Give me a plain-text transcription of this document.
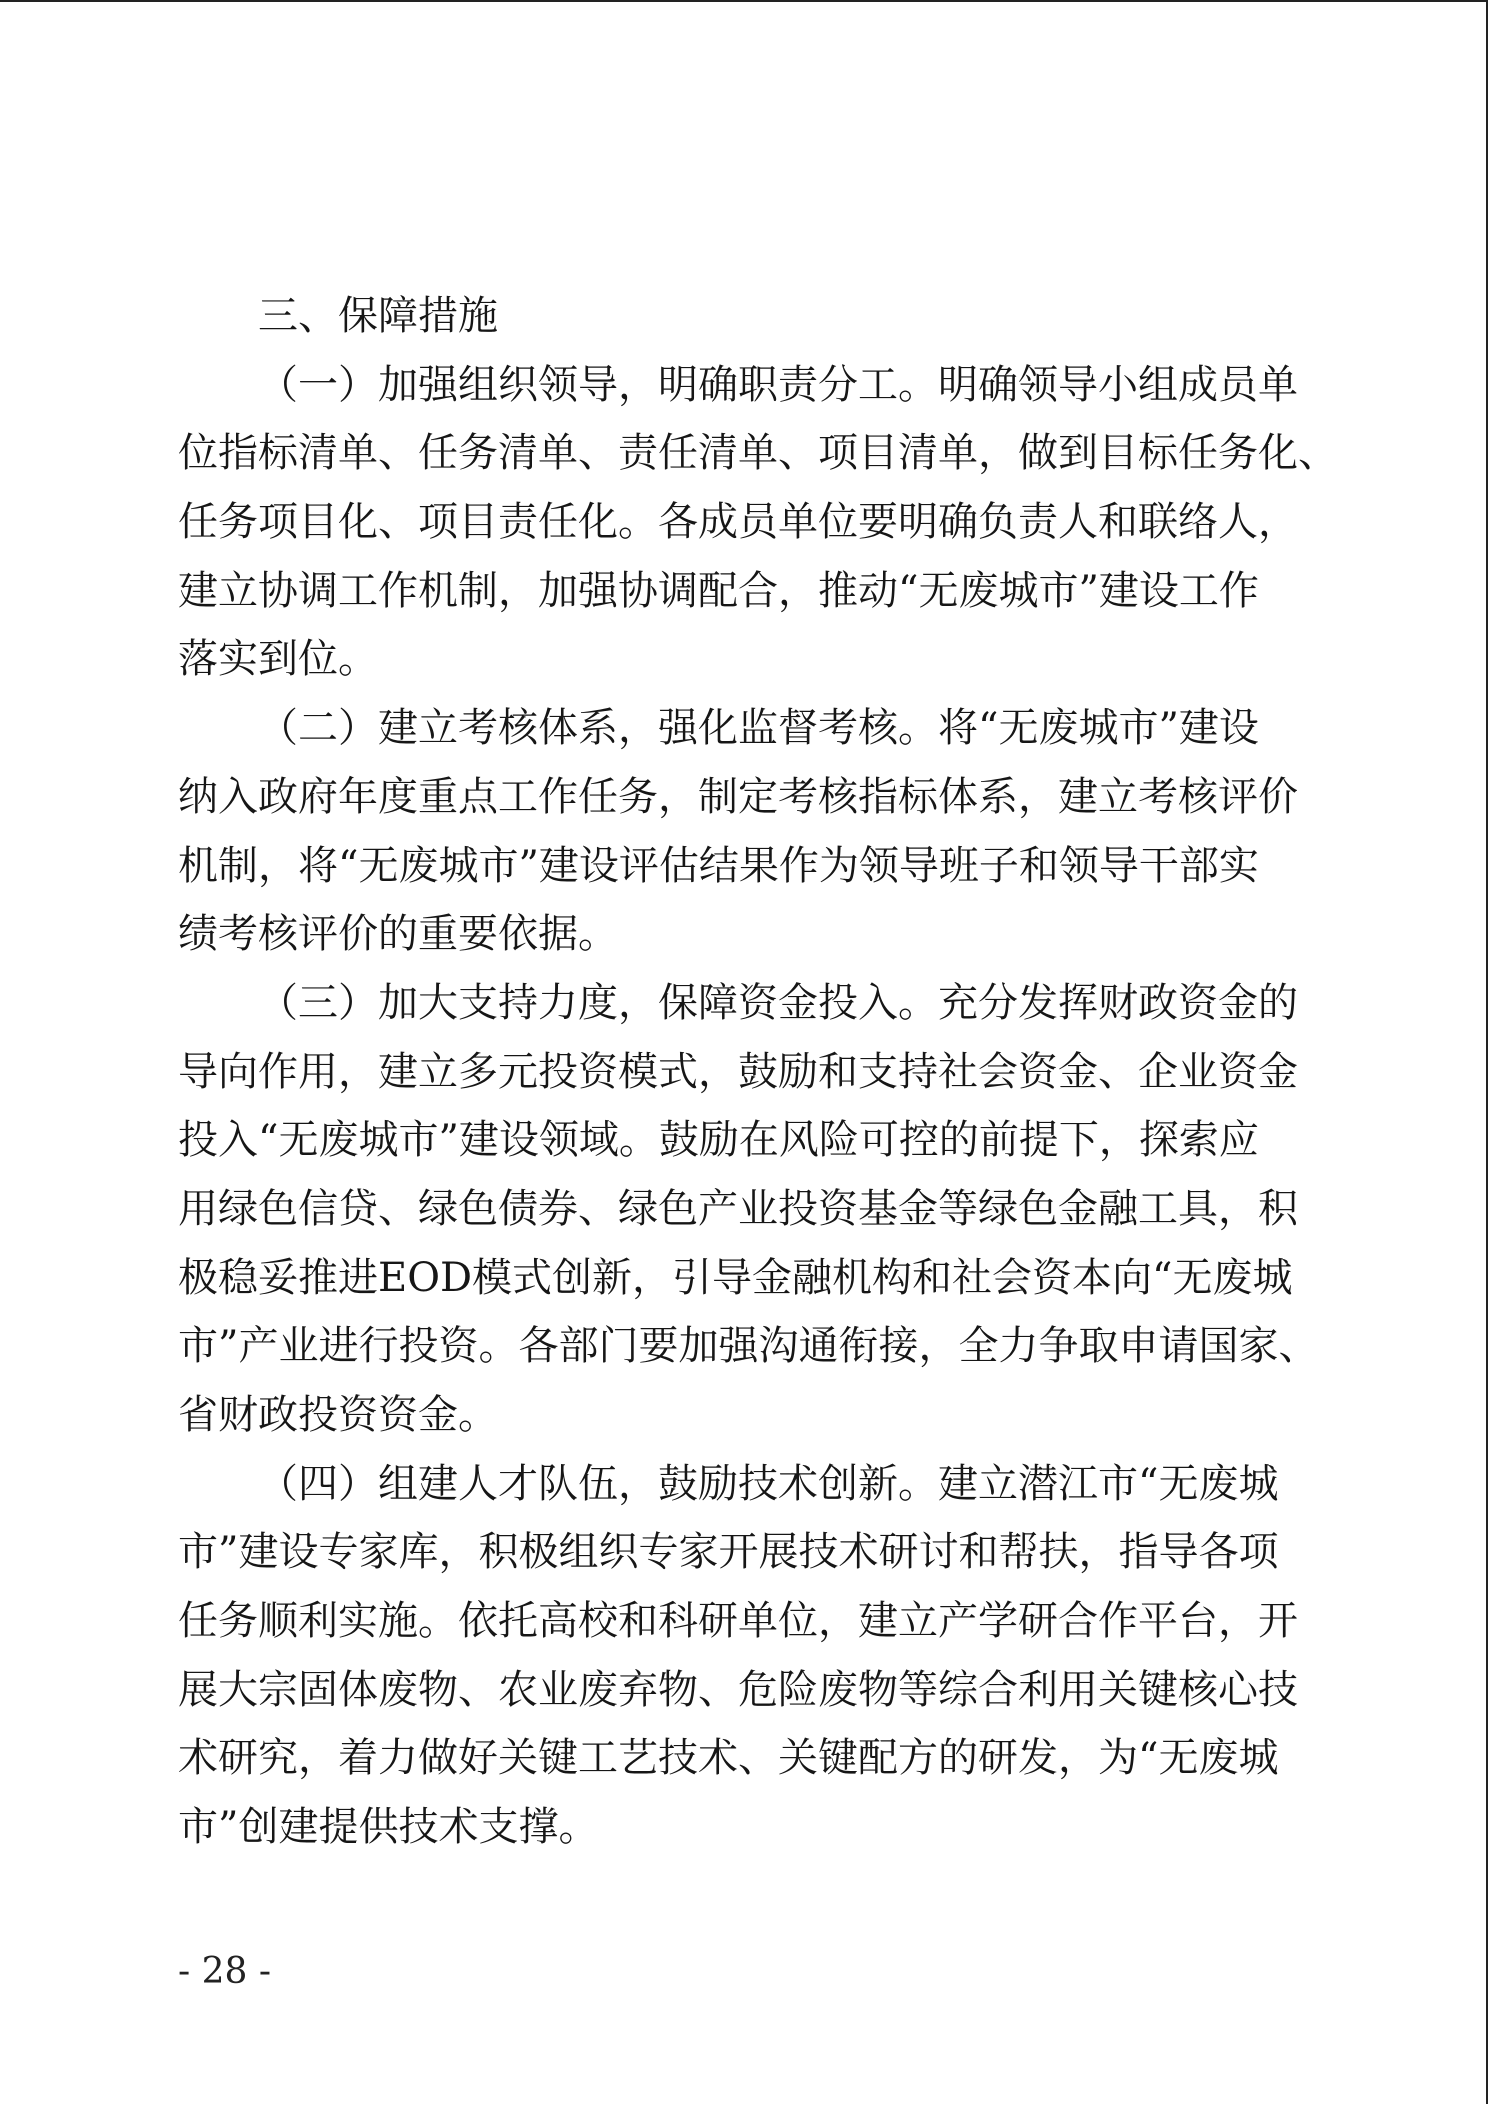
三、保障措施
（一）加强组织领导，明确职责分工。明确领导小组成员单
位指标清单、任务清单、责任清单、项目清单，做到目标任务化、
任务项目化、项目责任化。各成员单位要明确负责人和联络人，
建立协调工作机制，加强协调配合，推动“无废城市”建设工作
落实到位。
（二）建立考核体系，强化监督考核。将“无废城市”建设
纳入政府年度重点工作任务，制定考核指标体系，建立考核评价
机制，将“无废城市”建设评估结果作为领导班子和领导干部实
绩考核评价的重要依据。
（三）加大支持力度，保障资金投入。充分发挥财政资金的
导向作用，建立多元投资模式，鼓励和支持社会资金、企业资金
投入“无废城市”建设领域。鼓励在风险可控的前提下，探索应
用绿色信贷、绿色债券、绿色产业投资基金等绿色金融工具，积
极稳妥推进EOD模式创新，引导金融机构和社会资本向“无废城
市”产业进行投资。各部门要加强沟通衔接，全力争取申请国家、
省财政投资资金。
（四）组建人才队伍，鼓励技术创新。建立潜江市“无废城
市”建设专家库，积极组织专家开展技术研讨和帮扶，指导各项
任务顺利实施。依托高校和科研单位，建立产学研合作平台，开
展大宗固体废物、农业废弃物、危险废物等综合利用关键核心技
术研究，着力做好关键工艺技术、关键配方的研发，为“无废城
市”创建提供技术支撑。
- 28 -
